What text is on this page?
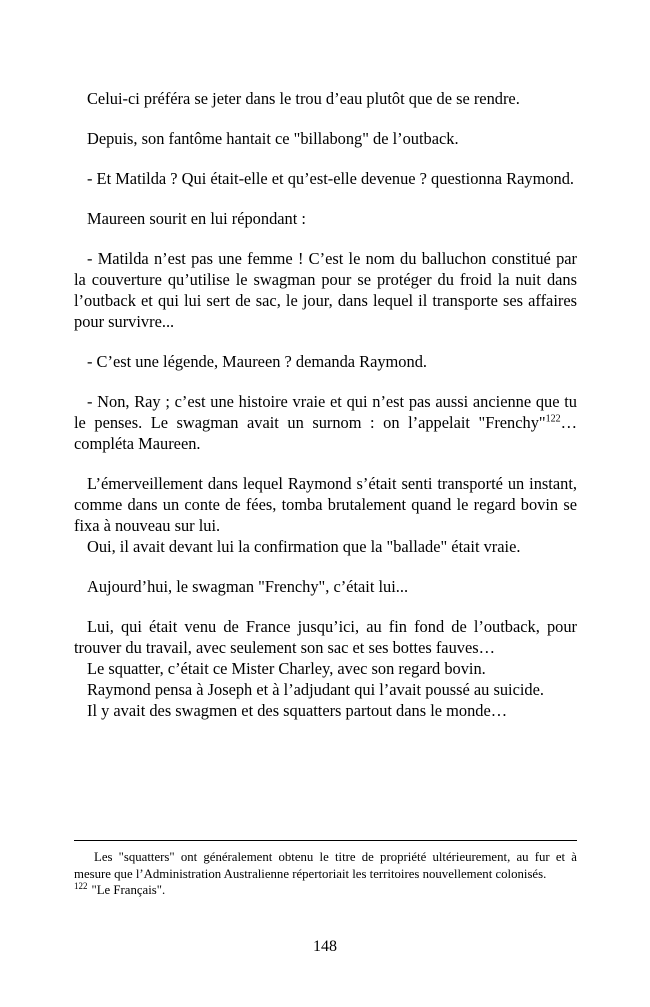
Celui-ci préféra se jeter dans le trou d’eau plutôt que de se rendre.

Depuis, son fantôme hantait ce "billabong" de l’outback.

- Et Matilda ? Qui était-elle et qu’est-elle devenue ? questionna Raymond.

Maureen sourit en lui répondant :

- Matilda n’est pas une femme ! C’est le nom du balluchon constitué par la couverture qu’utilise le swagman pour se protéger du froid la nuit dans l’outback et qui lui sert de sac, le jour, dans lequel il transporte ses affaires pour survivre...

- C’est une légende, Maureen ? demanda Raymond.

- Non, Ray ; c’est une histoire vraie et qui n’est pas aussi ancienne que tu le penses. Le swagman avait un surnom : on l’appelait "Frenchy"$^{122}$… compléta Maureen.

L’émerveillement dans lequel Raymond s’était senti transporté un instant, comme dans un conte de fées, tomba brutalement quand le regard bovin se fixa à nouveau sur lui.

Oui, il avait devant lui la confirmation que la "ballade" était vraie.

Aujourd’hui, le swagman "Frenchy", c’était lui...

Lui, qui était venu de France jusqu’ici, au fin fond de l’outback, pour trouver du travail, avec seulement son sac et ses bottes fauves…

Le squatter, c’était ce Mister Charley, avec son regard bovin.

Raymond pensa à Joseph et à l’adjudant qui l’avait poussé au suicide.

Il y avait des swagmen et des squatters partout dans le monde…

Les "squatters" ont généralement obtenu le titre de propriété ultérieurement, au fur et à mesure que l’Administration Australienne répertoriait les territoires nouvellement colonisés.

$^{122}$ "Le Français".

148
